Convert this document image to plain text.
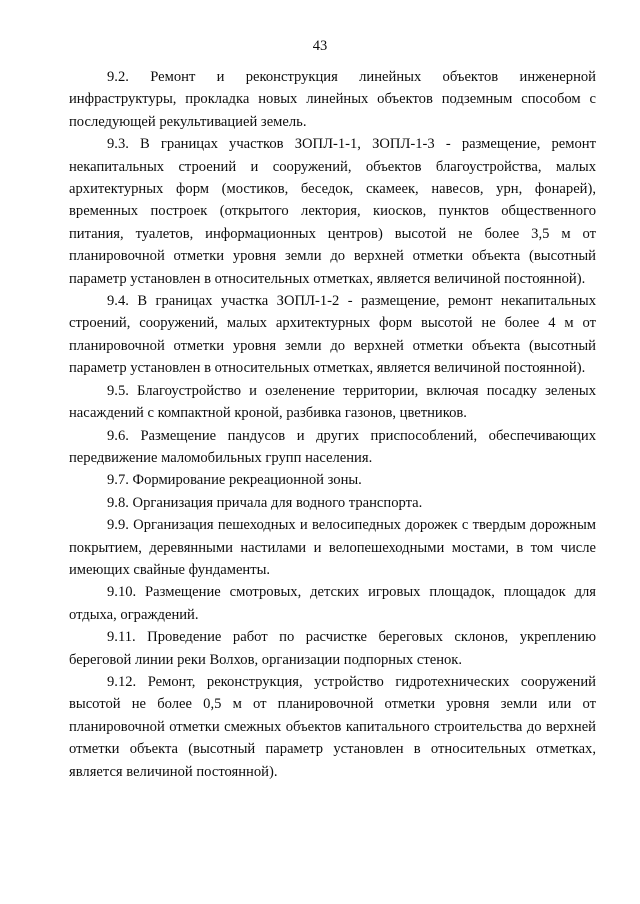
43

9.2. Ремонт и реконструкция линейных объектов инженерной инфраструктуры, прокладка новых линейных объектов подземным способом с последующей рекультивацией земель.

9.3. В границах участков ЗОПЛ-1-1, ЗОПЛ-1-3 - размещение, ремонт некапитальных строений и сооружений, объектов благоустройства, малых архитектурных форм (мостиков, беседок, скамеек, навесов, урн, фонарей), временных построек (открытого лектория, киосков, пунктов общественного питания, туалетов, информационных центров) высотой не более 3,5 м от планировочной отметки уровня земли до верхней отметки объекта (высотный параметр установлен в относительных отметках, является величиной постоянной).

9.4. В границах участка ЗОПЛ-1-2 - размещение, ремонт некапитальных строений, сооружений, малых архитектурных форм высотой не более 4 м от планировочной отметки уровня земли до верхней отметки объекта (высотный параметр установлен в относительных отметках, является величиной постоянной).

9.5. Благоустройство и озеленение территории, включая посадку зеленых насаждений с компактной кроной, разбивка газонов, цветников.

9.6. Размещение пандусов и других приспособлений, обеспечивающих передвижение маломобильных групп населения.

9.7. Формирование рекреационной зоны.

9.8. Организация причала для водного транспорта.

9.9. Организация пешеходных и велосипедных дорожек с твердым дорожным покрытием, деревянными настилами и велопешеходными мостами, в том числе имеющих свайные фундаменты.

9.10. Размещение смотровых, детских игровых площадок, площадок для отдыха, ограждений.

9.11. Проведение работ по расчистке береговых склонов, укреплению береговой линии реки Волхов, организации подпорных стенок.

9.12. Ремонт, реконструкция, устройство гидротехнических сооружений высотой не более 0,5 м от планировочной отметки уровня земли или от планировочной отметки смежных объектов капитального строительства до верхней отметки объекта (высотный параметр установлен в относительных отметках, является величиной постоянной).
